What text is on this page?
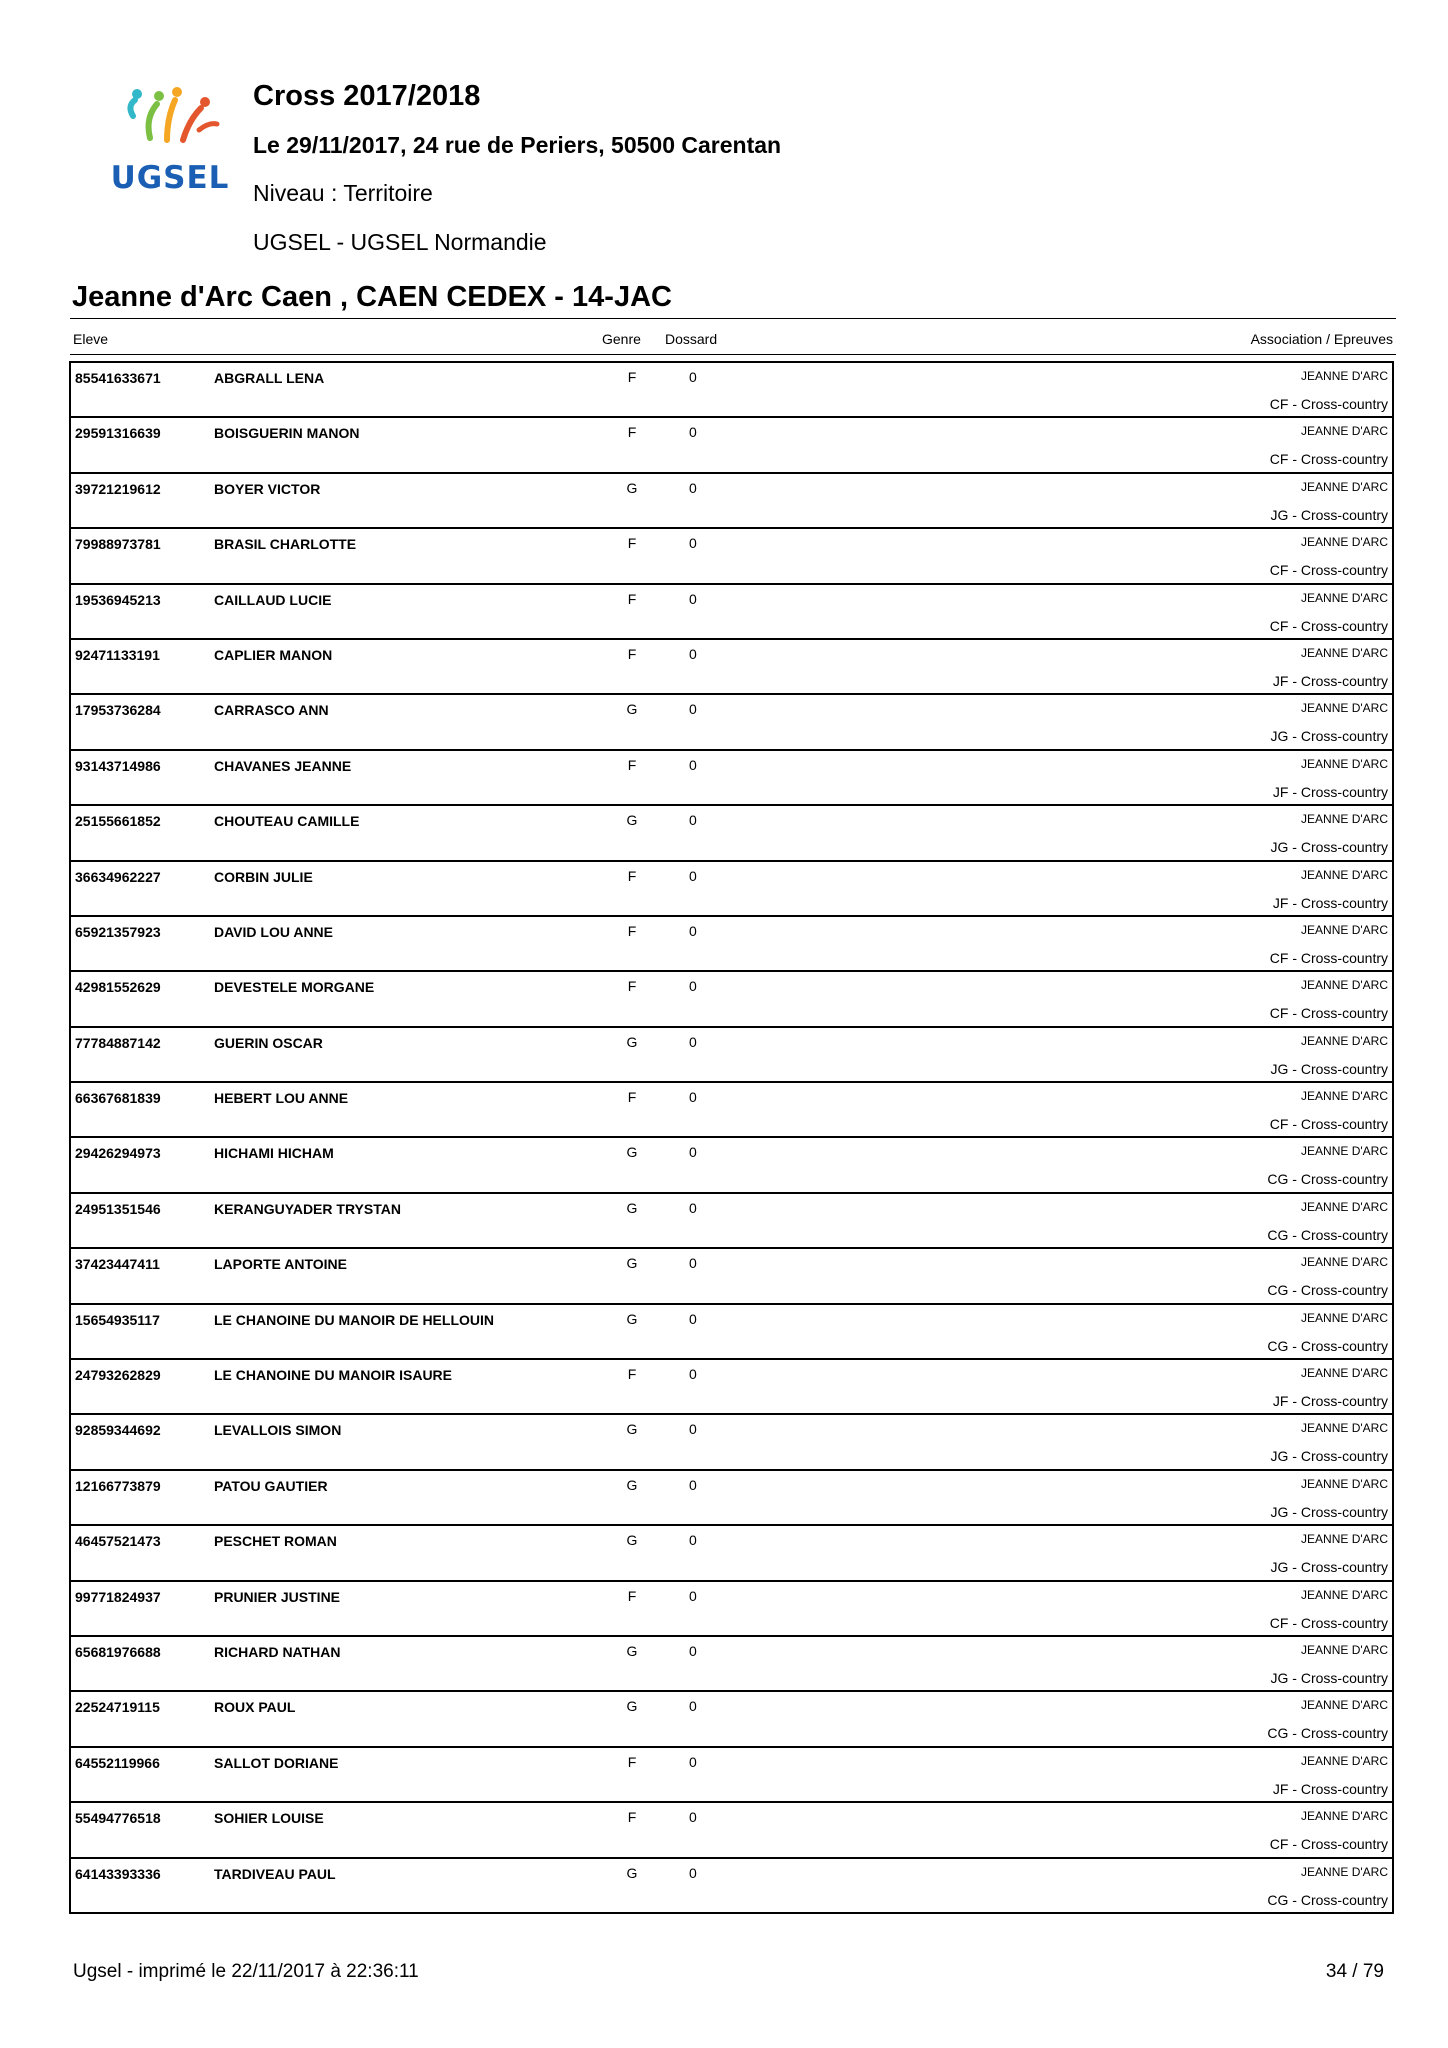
UGSEL
Cross 2017/2018
Le 29/11/2017, 24 rue de Periers, 50500 Carentan
Niveau : Territoire
UGSEL - UGSEL Normandie
Jeanne d'Arc Caen , CAEN CEDEX - 14-JAC
Eleve	Genre Dossard	Association / Epreuves
85541633671	ABGRALL LENA	F	0	JEANNE D'ARC
CF - Cross-country
29591316639	BOISGUERIN MANON	F	0	JEANNE D'ARC
CF - Cross-country
39721219612	BOYER VICTOR	G	0	JEANNE D'ARC
JG - Cross-country
79988973781	BRASIL CHARLOTTE	F	0	JEANNE D'ARC
CF - Cross-country
19536945213	CAILLAUD LUCIE	F	0	JEANNE D'ARC
CF - Cross-country
92471133191	CAPLIER MANON	F	0	JEANNE D'ARC
JF - Cross-country
17953736284	CARRASCO ANN	G	0	JEANNE D'ARC
JG - Cross-country
93143714986	CHAVANES JEANNE	F	0	JEANNE D'ARC
JF - Cross-country
25155661852	CHOUTEAU CAMILLE	G	0	JEANNE D'ARC
JG - Cross-country
36634962227	CORBIN JULIE	F	0	JEANNE D'ARC
JF - Cross-country
65921357923	DAVID LOU ANNE	F	0	JEANNE D'ARC
CF - Cross-country
42981552629	DEVESTELE MORGANE	F	0	JEANNE D'ARC
CF - Cross-country
77784887142	GUERIN OSCAR	G	0	JEANNE D'ARC
JG - Cross-country
66367681839	HEBERT LOU ANNE	F	0	JEANNE D'ARC
CF - Cross-country
29426294973	HICHAMI HICHAM	G	0	JEANNE D'ARC
CG - Cross-country
24951351546	KERANGUYADER TRYSTAN	G	0	JEANNE D'ARC
CG - Cross-country
37423447411	LAPORTE ANTOINE	G	0	JEANNE D'ARC
CG - Cross-country
15654935117	LE CHANOINE DU MANOIR DE HELLOUIN	G	0	JEANNE D'ARC
CG - Cross-country
24793262829	LE CHANOINE DU MANOIR ISAURE	F	0	JEANNE D'ARC
JF - Cross-country
92859344692	LEVALLOIS SIMON	G	0	JEANNE D'ARC
JG - Cross-country
12166773879	PATOU GAUTIER	G	0	JEANNE D'ARC
JG - Cross-country
46457521473	PESCHET ROMAN	G	0	JEANNE D'ARC
JG - Cross-country
99771824937	PRUNIER JUSTINE	F	0	JEANNE D'ARC
CF - Cross-country
65681976688	RICHARD NATHAN	G	0	JEANNE D'ARC
JG - Cross-country
22524719115	ROUX PAUL	G	0	JEANNE D'ARC
CG - Cross-country
64552119966	SALLOT DORIANE	F	0	JEANNE D'ARC
JF - Cross-country
55494776518	SOHIER LOUISE	F	0	JEANNE D'ARC
CF - Cross-country
64143393336	TARDIVEAU PAUL	G	0	JEANNE D'ARC
CG - Cross-country
Ugsel - imprimé le 22/11/2017 à 22:36:11	34 / 79
